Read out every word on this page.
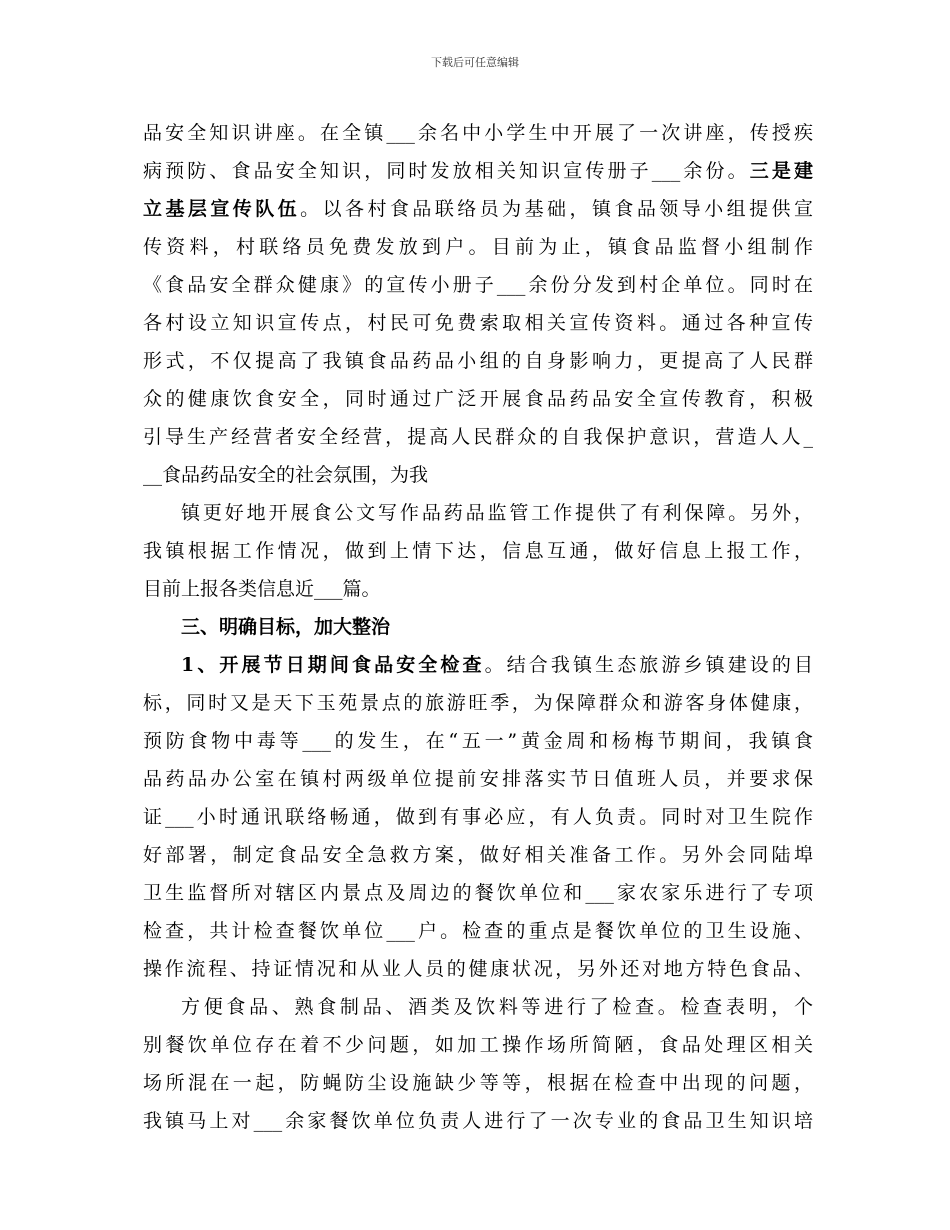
下载后可任意编辑
品安全知识讲座。在全镇___余名中小学生中开展了一次讲座，传授疾
病预防、食品安全知识，同时发放相关知识宣传册子___余份。三是建
立基层宣传队伍。以各村食品联络员为基础，镇食品领导小组提供宣
传资料，村联络员免费发放到户。目前为止，镇食品监督小组制作
《食品安全群众健康》的宣传小册子___余份分发到村企单位。同时在
各村设立知识宣传点，村民可免费索取相关宣传资料。通过各种宣传
形式，不仅提高了我镇食品药品小组的自身影响力，更提高了人民群
众的健康饮食安全，同时通过广泛开展食品药品安全宣传教育，积极
引导生产经营者安全经营，提高人民群众的自我保护意识，营造人人_
__食品药品安全的社会氛围，为我
镇更好地开展食公文写作品药品监管工作提供了有利保障。另外，
我镇根据工作情况，做到上情下达，信息互通，做好信息上报工作，
目前上报各类信息近___篇。
三、明确目标，加大整治
1、开展节日期间食品安全检查。结合我镇生态旅游乡镇建设的目
标，同时又是天下玉苑景点的旅游旺季，为保障群众和游客身体健康，
预防食物中毒等___的发生，在“五一”黄金周和杨梅节期间，我镇食
品药品办公室在镇村两级单位提前安排落实节日值班人员，并要求保
证___小时通讯联络畅通，做到有事必应，有人负责。同时对卫生院作
好部署，制定食品安全急救方案，做好相关准备工作。另外会同陆埠
卫生监督所对辖区内景点及周边的餐饮单位和___家农家乐进行了专项
检查，共计检查餐饮单位___户。检查的重点是餐饮单位的卫生设施、
操作流程、持证情况和从业人员的健康状况，另外还对地方特色食品、
方便食品、熟食制品、酒类及饮料等进行了检查。检查表明，个
别餐饮单位存在着不少问题，如加工操作场所简陋，食品处理区相关
场所混在一起，防蝇防尘设施缺少等等，根据在检查中出现的问题，
我镇马上对___余家餐饮单位负责人进行了一次专业的食品卫生知识培
